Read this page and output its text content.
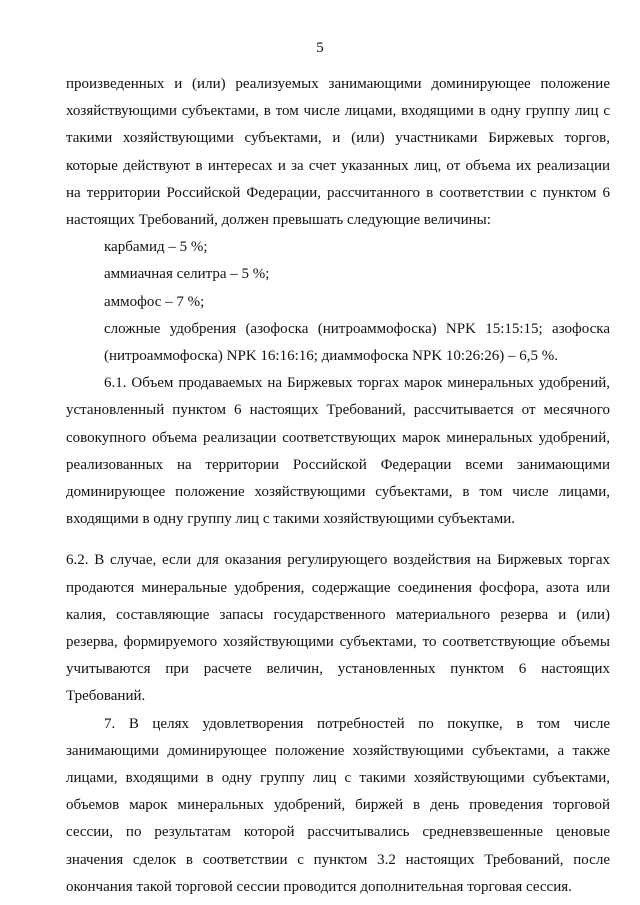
5

произведенных и (или) реализуемых занимающими доминирующее положение хозяйствующими субъектами, в том числе лицами, входящими в одну группу лиц с такими хозяйствующими субъектами, и (или) участниками Биржевых торгов, которые действуют в интересах и за счет указанных лиц, от объема их реализации на территории Российской Федерации, рассчитанного в соответствии с пунктом 6 настоящих Требований, должен превышать следующие величины:

карбамид – 5 %;

аммиачная селитра – 5 %;

аммофос – 7 %;

сложные удобрения (азофоска (нитроаммофоска) NPK 15:15:15; азофоска (нитроаммофоска) NPK 16:16:16; диаммофоска NPK 10:26:26) – 6,5 %.

6.1. Объем продаваемых на Биржевых торгах марок минеральных удобрений, установленный пунктом 6 настоящих Требований, рассчитывается от месячного совокупного объема реализации соответствующих марок минеральных удобрений, реализованных на территории Российской Федерации всеми занимающими доминирующее положение хозяйствующими субъектами, в том числе лицами, входящими в одну группу лиц с такими хозяйствующими субъектами.

6.2. В случае, если для оказания регулирующего воздействия на Биржевых торгах продаются минеральные удобрения, содержащие соединения фосфора, азота или калия, составляющие запасы государственного материального резерва и (или) резерва, формируемого хозяйствующими субъектами, то соответствующие объемы учитываются при расчете величин, установленных пунктом 6 настоящих Требований.

7. В целях удовлетворения потребностей по покупке, в том числе занимающими доминирующее положение хозяйствующими субъектами, а также лицами, входящими в одну группу лиц с такими хозяйствующими субъектами, объемов марок минеральных удобрений, биржей в день проведения торговой сессии, по результатам которой рассчитывались средневзвешенные ценовые значения сделок в соответствии с пунктом 3.2 настоящих Требований, после окончания такой торговой сессии проводится дополнительная торговая сессия.
